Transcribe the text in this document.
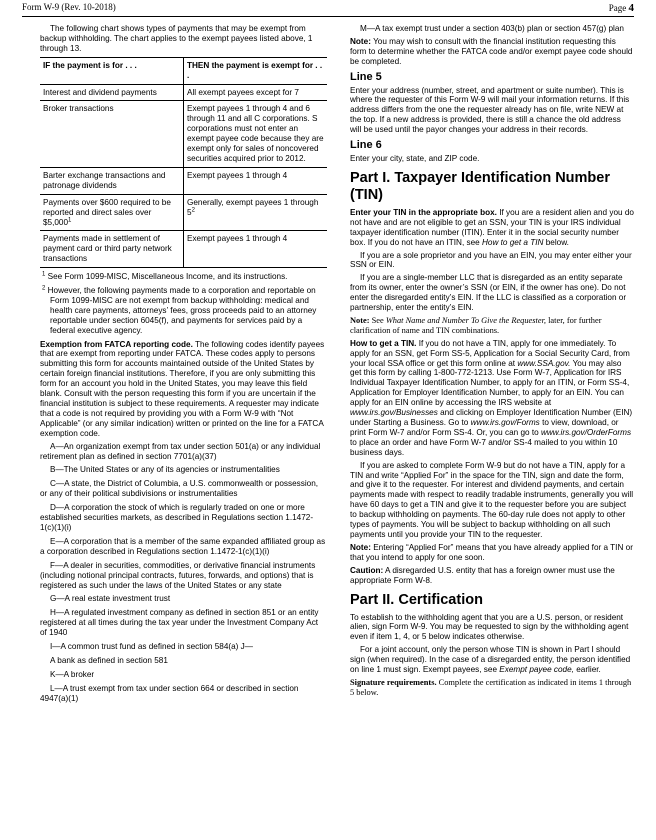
Form W-9 (Rev. 10-2018)	Page 4

The following chart shows types of payments that may be exempt from backup withholding. The chart applies to the exempt payees listed above, 1 through 13.

IF the payment is for . . .	THEN the payment is exempt for . . .
Interest and dividend payments	All exempt payees except for 7
Broker transactions	Exempt payees 1 through 4 and 6 through 11 and all C corporations. S corporations must not enter an exempt payee code because they are exempt only for sales of noncovered securities acquired prior to 2012.
Barter exchange transactions and patronage dividends	Exempt payees 1 through 4
Payments over $600 required to be reported and direct sales over $5,000$^1$	Generally, exempt payees 1 through $5^2$
Payments made in settlement of payment card or third party network transactions	Exempt payees 1 through 4

$^1$ See Form 1099-MISC, Miscellaneous Income, and its instructions.

$^2$ However, the following payments made to a corporation and reportable on Form 1099-MISC are not exempt from backup withholding: medical and health care payments, attorneys’ fees, gross proceeds paid to an attorney reportable under section 6045(f), and payments for services paid by a federal executive agency.

Exemption from FATCA reporting code. The following codes identify payees that are exempt from reporting under FATCA. These codes apply to persons submitting this form for accounts maintained outside of the United States by certain foreign financial institutions. Therefore, if you are only submitting this form for an account you hold in the United States, you may leave this field blank. Consult with the person requesting this form if you are uncertain if the financial institution is subject to these requirements. A requester may indicate that a code is not required by providing you with a Form W-9 with “Not Applicable” (or any similar indication) written or printed on the line for a FATCA exemption code.

A—An organization exempt from tax under section 501(a) or any individual retirement plan as defined in section 7701(a)(37)

B—The United States or any of its agencies or instrumentalities

C—A state, the District of Columbia, a U.S. commonwealth or possession, or any of their political subdivisions or instrumentalities

D—A corporation the stock of which is regularly traded on one or more established securities markets, as described in Regulations section 1.1472-1(c)(1)(i)

E—A corporation that is a member of the same expanded affiliated group as a corporation described in Regulations section 1.1472-1(c)(1)(i)

F—A dealer in securities, commodities, or derivative financial instruments (including notional principal contracts, futures, forwards, and options) that is registered as such under the laws of the United States or any state

G—A real estate investment trust

H—A regulated investment company as defined in section 851 or an entity registered at all times during the tax year under the Investment Company Act of 1940

I—A common trust fund as defined in section 584(a) J—

A bank as defined in section 581

K—A broker

L—A trust exempt from tax under section 664 or described in section 4947(a)(1)

M—A tax exempt trust under a section 403(b) plan or section 457(g) plan

Note: You may wish to consult with the financial institution requesting this form to determine whether the FATCA code and/or exempt payee code should be completed.

Line 5

Enter your address (number, street, and apartment or suite number). This is where the requester of this Form W-9 will mail your information returns. If this address differs from the one the requester already has on file, write NEW at the top. If a new address is provided, there is still a chance the old address will be used until the payor changes your address in their records.

Line 6

Enter your city, state, and ZIP code.

Part I. Taxpayer Identification Number (TIN)

Enter your TIN in the appropriate box. If you are a resident alien and you do not have and are not eligible to get an SSN, your TIN is your IRS individual taxpayer identification number (ITIN). Enter it in the social security number box. If you do not have an ITIN, see How to get a TIN below.

If you are a sole proprietor and you have an EIN, you may enter either your SSN or EIN.

If you are a single-member LLC that is disregarded as an entity separate from its owner, enter the owner’s SSN (or EIN, if the owner has one). Do not enter the disregarded entity’s EIN. If the LLC is classified as a corporation or partnership, enter the entity’s EIN.

Note: See What Name and Number To Give the Requester, later, for further clarification of name and TIN combinations.

How to get a TIN. If you do not have a TIN, apply for one immediately. To apply for an SSN, get Form SS-5, Application for a Social Security Card, from your local SSA office or get this form online at www.SSA.gov. You may also get this form by calling 1-800-772-1213. Use Form W-7, Application for IRS Individual Taxpayer Identification Number, to apply for an ITIN, or Form SS-4, Application for Employer Identification Number, to apply for an EIN. You can apply for an EIN online by accessing the IRS website at www.irs.gov/Businesses and clicking on Employer Identification Number (EIN) under Starting a Business. Go to www.irs.gov/Forms to view, download, or print Form W-7 and/or Form SS-4. Or, you can go to www.irs.gov/OrderForms to place an order and have Form W-7 and/or SS-4 mailed to you within 10 business days.

If you are asked to complete Form W-9 but do not have a TIN, apply for a TIN and write “Applied For” in the space for the TIN, sign and date the form, and give it to the requester. For interest and dividend payments, and certain payments made with respect to readily tradable instruments, generally you will have 60 days to get a TIN and give it to the requester before you are subject to backup withholding on payments. The 60-day rule does not apply to other types of payments. You will be subject to backup withholding on all such payments until you provide your TIN to the requester.

Note: Entering “Applied For” means that you have already applied for a TIN or that you intend to apply for one soon.

Caution: A disregarded U.S. entity that has a foreign owner must use the appropriate Form W-8.

Part II. Certification

To establish to the withholding agent that you are a U.S. person, or resident alien, sign Form W-9. You may be requested to sign by the withholding agent even if item 1, 4, or 5 below indicates otherwise.

For a joint account, only the person whose TIN is shown in Part I should sign (when required). In the case of a disregarded entity, the person identified on line 1 must sign. Exempt payees, see Exempt payee code, earlier.

Signature requirements. Complete the certification as indicated in items 1 through 5 below.
